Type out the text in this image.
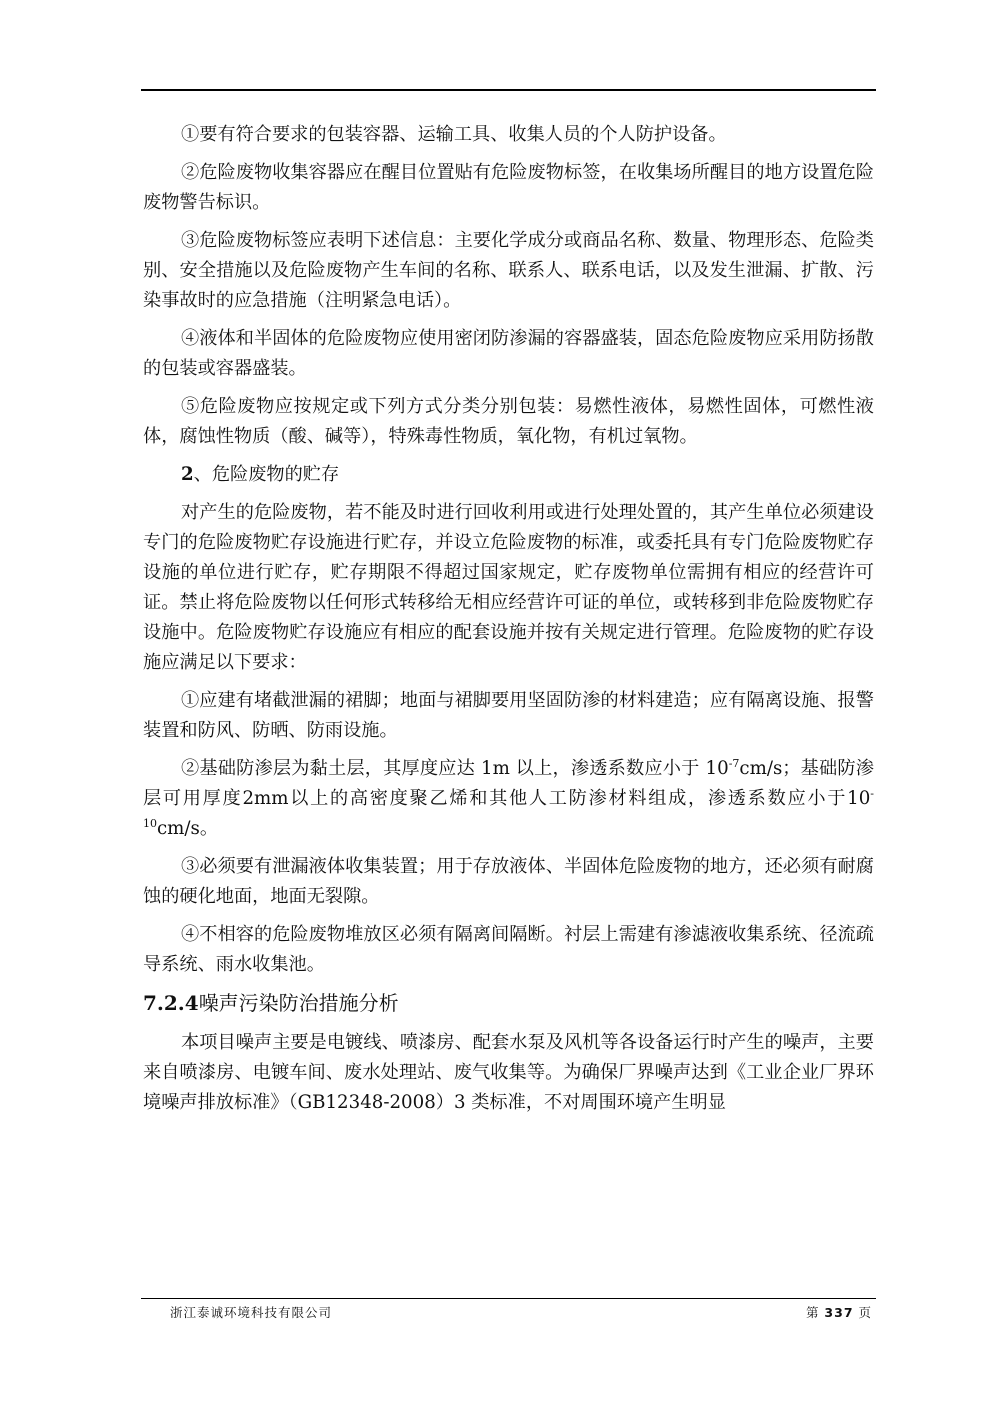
①要有符合要求的包装容器、运输工具、收集人员的个人防护设备。

②危险废物收集容器应在醒目位置贴有危险废物标签，在收集场所醒目的地方设置危险废物警告标识。

③危险废物标签应表明下述信息：主要化学成分或商品名称、数量、物理形态、危险类别、安全措施以及危险废物产生车间的名称、联系人、联系电话，以及发生泄漏、扩散、污染事故时的应急措施（注明紧急电话）。

④液体和半固体的危险废物应使用密闭防渗漏的容器盛装，固态危险废物应采用防扬散的包装或容器盛装。

⑤危险废物应按规定或下列方式分类分别包装：易燃性液体，易燃性固体，可燃性液体，腐蚀性物质（酸、碱等），特殊毒性物质，氧化物，有机过氧物。

2、危险废物的贮存

对产生的危险废物，若不能及时进行回收利用或进行处理处置的，其产生单位必须建设专门的危险废物贮存设施进行贮存，并设立危险废物的标准，或委托具有专门危险废物贮存设施的单位进行贮存，贮存期限不得超过国家规定，贮存废物单位需拥有相应的经营许可证。禁止将危险废物以任何形式转移给无相应经营许可证的单位，或转移到非危险废物贮存设施中。危险废物贮存设施应有相应的配套设施并按有关规定进行管理。危险废物的贮存设施应满足以下要求：

①应建有堵截泄漏的裙脚；地面与裙脚要用坚固防渗的材料建造；应有隔离设施、报警装置和防风、防晒、防雨设施。

②基础防渗层为黏土层，其厚度应达 1m 以上，渗透系数应小于 $10^{-7}cm/s$；基础防渗层可用厚度2mm以上的高密度聚乙烯和其他人工防渗材料组成，渗透系数应小于$10^{-10}cm/s$。

③必须要有泄漏液体收集装置；用于存放液体、半固体危险废物的地方，还必须有耐腐蚀的硬化地面，地面无裂隙。

④不相容的危险废物堆放区必须有隔离间隔断。衬层上需建有渗滤液收集系统、径流疏导系统、雨水收集池。

7.2.4噪声污染防治措施分析

本项目噪声主要是电镀线、喷漆房、配套水泵及风机等各设备运行时产生的噪声，主要来自喷漆房、电镀车间、废水处理站、废气收集等。为确保厂界噪声达到《工业企业厂界环境噪声排放标准》（GB12348-2008）3 类标准，不对周围环境产生明显

浙江泰诚环境科技有限公司	第 337 页
